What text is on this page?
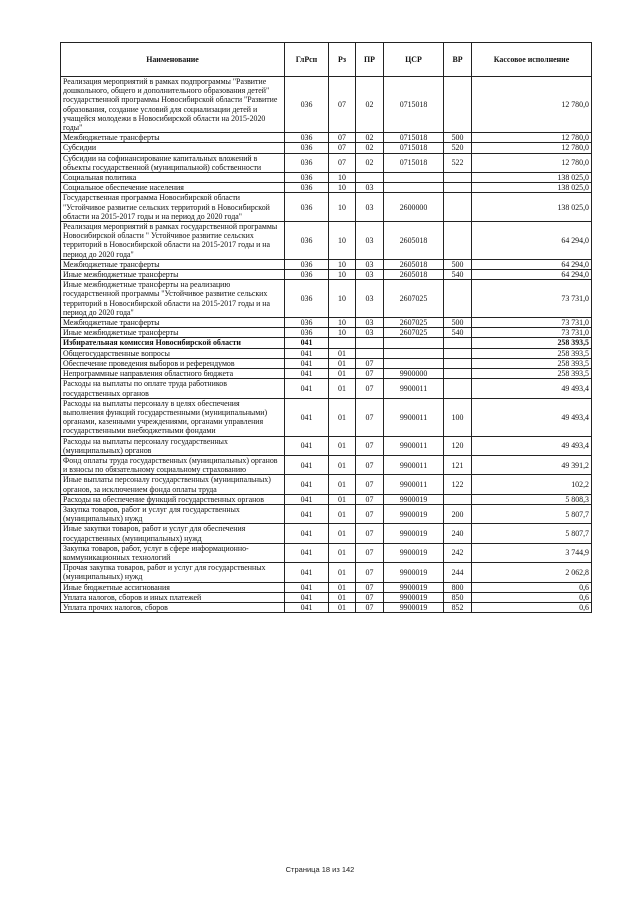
Наименование	ГлРсп	Рз	ПР	ЦСР	ВР	Кассовое исполнение
Реализация мероприятий в рамках подпрограммы "Развитие дошкольного, общего и дополнительного образования детей" государственной программы Новосибирской области "Развитие образования, создание условий для социализации детей и учащейся молодежи в Новосибирской области на 2015-2020 годы"	036	07	02	0715018		12 780,0
Межбюджетные трансферты	036	07	02	0715018	500	12 780,0
Субсидии	036	07	02	0715018	520	12 780,0
Субсидии на софинансирование капитальных вложений в объекты государственной (муниципальной) собственности	036	07	02	0715018	522	12 780,0
Социальная политика	036	10				138 025,0
Социальное обеспечение населения	036	10	03			138 025,0
Государственная программа Новосибирской области "Устойчивое развитие сельских территорий в Новосибирской области на 2015-2017 годы и на период до 2020 года"	036	10	03	2600000		138 025,0
Реализация мероприятий в рамках государственной программы Новосибирской области " Устойчивое развитие сельских территорий в Новосибирской области на 2015-2017 годы и на период до 2020 года"	036	10	03	2605018		64 294,0
Межбюджетные трансферты	036	10	03	2605018	500	64 294,0
Иные межбюджетные трансферты	036	10	03	2605018	540	64 294,0
Иные межбюджетные трансферты на реализацию государственной программы "Устойчивое развитие сельских территорий в Новосибирской области на 2015-2017 годы и на период до 2020 года"	036	10	03	2607025		73 731,0
Межбюджетные трансферты	036	10	03	2607025	500	73 731,0
Иные межбюджетные трансферты	036	10	03	2607025	540	73 731,0
Избирательная комиссия Новосибирской области	041					258 393,5
Общегосударственные вопросы	041	01				258 393,5
Обеспечение проведения выборов и референдумов	041	01	07			258 393,5
Непрограммные направления областного бюджета	041	01	07	9900000		258 393,5
Расходы на выплаты по оплате труда работников государственных органов	041	01	07	9900011		49 493,4
Расходы на выплаты персоналу в целях обеспечения выполнения функций государственными (муниципальными) органами, казенными учреждениями, органами управления государственными внебюджетными фондами	041	01	07	9900011	100	49 493,4
Расходы на выплаты персоналу государственных (муниципальных) органов	041	01	07	9900011	120	49 493,4
Фонд оплаты труда государственных (муниципальных) органов и взносы по обязательному социальному страхованию	041	01	07	9900011	121	49 391,2
Иные выплаты персоналу государственных (муниципальных) органов, за исключением фонда оплаты труда	041	01	07	9900011	122	102,2
Расходы на обеспечение функций государственных органов	041	01	07	9900019		5 808,3
Закупка товаров, работ и услуг для государственных (муниципальных) нужд	041	01	07	9900019	200	5 807,7
Иные закупки товаров, работ и услуг для обеспечения государственных (муниципальных) нужд	041	01	07	9900019	240	5 807,7
Закупка товаров, работ, услуг в сфере информационно-коммуникационных технологий	041	01	07	9900019	242	3 744,9
Прочая закупка товаров, работ и услуг для государственных (муниципальных) нужд	041	01	07	9900019	244	2 062,8
Иные бюджетные ассигнования	041	01	07	9900019	800	0,6
Уплата налогов, сборов и иных платежей	041	01	07	9900019	850	0,6
Уплата прочих налогов, сборов	041	01	07	9900019	852	0,6
Страница 18 из 142
